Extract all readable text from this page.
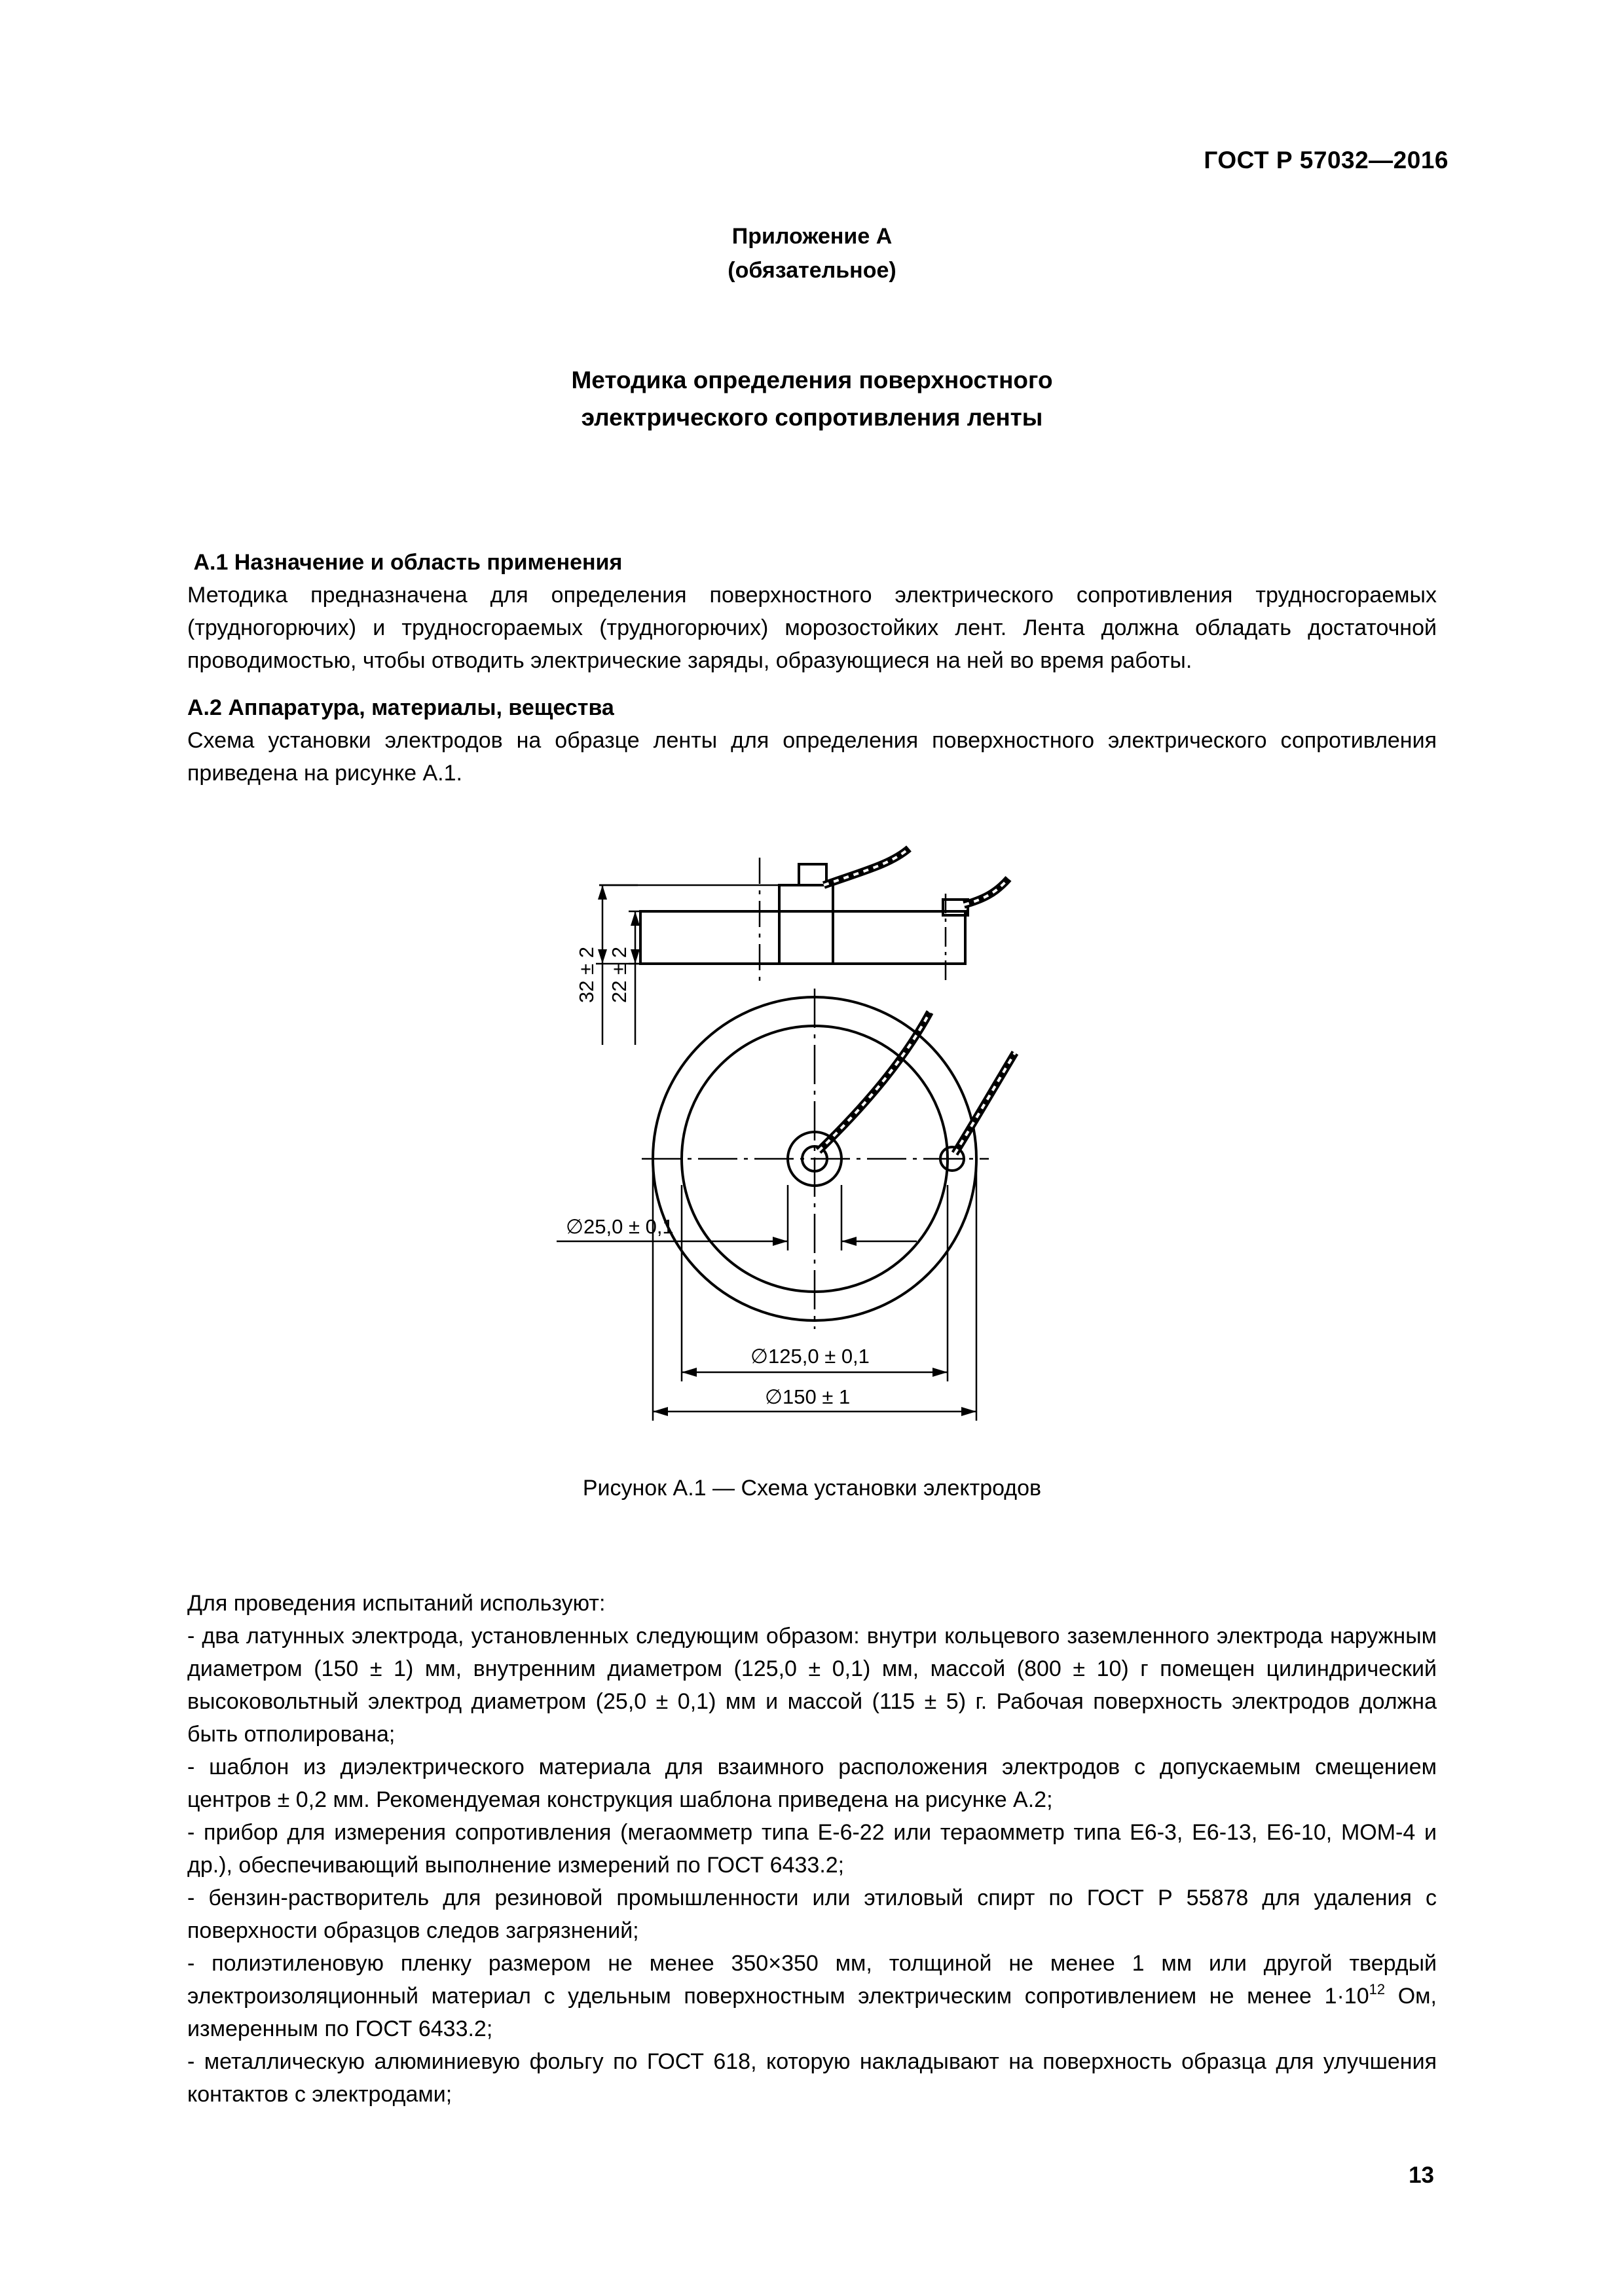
ГОСТ Р 57032—2016
Приложение А
(обязательное)
Методика определения поверхностного
электрического сопротивления ленты
А.1 Назначение и область применения
Методика предназначена для определения поверхностного электрического сопротивления трудносгораемых (трудногорючих) и трудносгораемых (трудногорючих) морозостойких лент. Лента должна обладать достаточной проводимостью, чтобы отводить электрические заряды, образующиеся на ней во время работы.
А.2 Аппаратура, материалы, вещества
Схема установки электродов на образце ленты для определения поверхностного электрического сопротивления приведена на рисунке А.1.
32 ± 2 22 ± 2
∅25,0 ± 0,1
∅125,0 ± 0,1
∅150 ± 1
Рисунок А.1 — Схема установки электродов
Для проведения испытаний используют:
- два латунных электрода, установленных следующим образом: внутри кольцевого заземленного электрода наружным диаметром (150 ± 1) мм, внутренним диаметром (125,0 ± 0,1) мм, массой (800 ± 10) г помещен цилиндрический высоковольтный электрод диаметром (25,0 ± 0,1) мм и массой (115 ± 5) г. Рабочая поверхность электродов должна быть отполирована;
- шаблон из диэлектрического материала для взаимного расположения электродов с допускаемым смещением центров ± 0,2 мм. Рекомендуемая конструкция шаблона приведена на рисунке А.2;
- прибор для измерения сопротивления (мегаомметр типа Е-6-22 или тераомметр типа Е6-3, Е6-13, Е6-10, МОМ-4 и др.), обеспечивающий выполнение измерений по ГОСТ 6433.2;
- бензин-растворитель для резиновой промышленности или этиловый спирт по ГОСТ Р 55878 для удаления с поверхности образцов следов загрязнений;
- полиэтиленовую пленку размером не менее 350×350 мм, толщиной не менее 1 мм или другой твердый электроизоляционный материал с удельным поверхностным электрическим сопротивлением не менее $1\cdot 10^{12}$ Ом, измеренным по ГОСТ 6433.2;
- металлическую алюминиевую фольгу по ГОСТ 618, которую накладывают на поверхность образца для улучшения контактов с электродами;
13
